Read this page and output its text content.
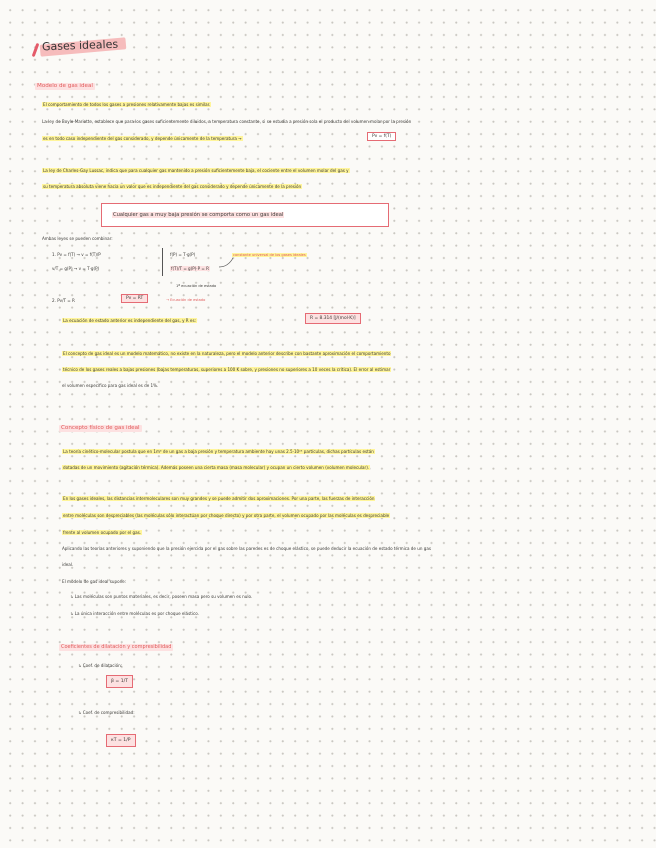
Gases ideales
Modelo de gas ideal
El comportamiento de todos los gases a presiones relativamente bajas es similar.
La ley de Boyle-Mariotte, establece que para los gases suficientemente diluidos, a temperatura constante, si se estudia a presión sola el producto del volumen molar por la presión
es en todo caso independiente del gas considerado, y depende únicamente de la temperatura →	Pv = f(T)
La ley de Charles-Gay Lussac, indica que para cualquier gas mantenido a presión suficientemente baja, el cociente entre el volumen molar del gas y
su temperatura absoluta viene hacia un valor que es independiente del gas considerado y depende únicamente de la presión
Cualquier gas a muy baja presión se comporta como un gas ideal
Ambas leyes se pueden combinar:
1. Pv = f(T) → v = f(T)/P
v/T = g(P) → v = T·g(P)
f(P) = T·g(P)
f(T)/T = g(P)·P = R
constante universal de los gases ideales
2. Pv/T = R	Pv = RT
1ª ecuación de estado
→ Ecuación de estado
La ecuación de estado anterior es independiente del gas, y R es:	R = 8.314 [J/(mol·K)]
El concepto de gas ideal es un modelo matemático, no existe en la naturaleza, pero el modelo anterior describe con bastante aproximación el comportamiento
técnico de los gases reales a bajas presiones (bajas temperaturas, superiores a 100 K sobre, y presiones no superiores a 10 veces la crítica). El error al estimar
el volumen específico para gas ideal es de 1%.
Concepto físico de gas ideal
La teoría cinético-molecular postula que en 1m³ de un gas a baja presión y temperatura ambiente hay unas 2.5·10²⁵ partículas, dichas partículas están
dotadas de un movimiento (agitación térmica). Además poseen una cierta masa (masa molecular) y ocupan un cierto volumen (volumen molecular).
En los gases ideales, las distancias intermoleculares son muy grandes y se puede admitir dos aproximaciones. Por una parte, las fuerzas de interacción
entre moléculas son despreciables (las moléculas sólo interactúan por choque directo) y por otra parte, el volumen ocupado por las moléculas es despreciable
frente al volumen ocupado por el gas.
Aplicando las teorías anteriores y suponiendo que la presión ejercida por el gas sobre las paredes es de choque elástico, se puede deducir la ecuación de estado térmica de un gas
ideal.
El modelo de gas ideal supone:
↳ Las moléculas son puntos materiales, es decir, poseen masa pero su volumen es nulo.
↳ La única interacción entre moléculas es por choque elástico.
Coeficientes de dilatación y compresibilidad
↳ Coef. de dilatación:
β = 1/T
↳ Coef. de compresibilidad:
κT = 1/P
